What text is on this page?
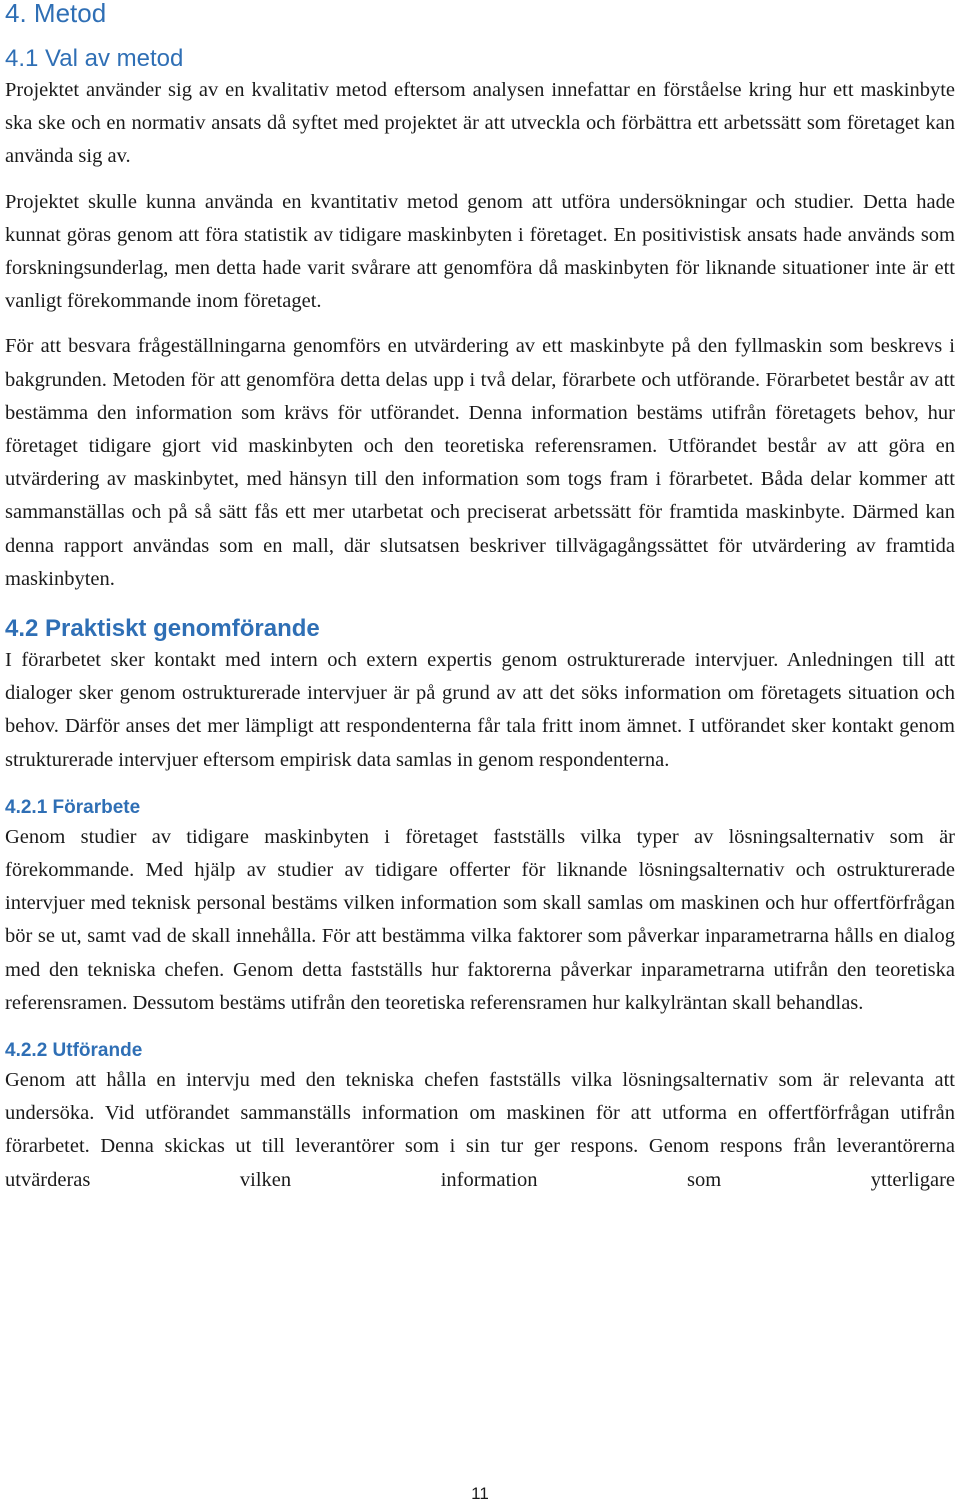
4. Metod
4.1 Val av metod

Projektet använder sig av en kvalitativ metod eftersom analysen innefattar en förståelse kring hur ett maskinbyte ska ske och en normativ ansats då syftet med projektet är att utveckla och förbättra ett arbetssätt som företaget kan använda sig av.

Projektet skulle kunna använda en kvantitativ metod genom att utföra undersökningar och studier. Detta hade kunnat göras genom att föra statistik av tidigare maskinbyten i företaget. En positivistisk ansats hade används som forskningsunderlag, men detta hade varit svårare att genomföra då maskinbyten för liknande situationer inte är ett vanligt förekommande inom företaget.

För att besvara frågeställningarna genomförs en utvärdering av ett maskinbyte på den fyllmaskin som beskrevs i bakgrunden. Metoden för att genomföra detta delas upp i två delar, förarbete och utförande. Förarbetet består av att bestämma den information som krävs för utförandet. Denna information bestäms utifrån företagets behov, hur företaget tidigare gjort vid maskinbyten och den teoretiska referensramen. Utförandet består av att göra en utvärdering av maskinbytet, med hänsyn till den information som togs fram i förarbetet. Båda delar kommer att sammanställas och på så sätt fås ett mer utarbetat och preciserat arbetssätt för framtida maskinbyte. Därmed kan denna rapport användas som en mall, där slutsatsen beskriver tillvägagångssättet för utvärdering av framtida maskinbyten.

4.2 Praktiskt genomförande

I förarbetet sker kontakt med intern och extern expertis genom ostrukturerade intervjuer. Anledningen till att dialoger sker genom ostrukturerade intervjuer är på grund av att det söks information om företagets situation och behov. Därför anses det mer lämpligt att respondenterna får tala fritt inom ämnet. I utförandet sker kontakt genom strukturerade intervjuer eftersom empirisk data samlas in genom respondenterna.

4.2.1 Förarbete

Genom studier av tidigare maskinbyten i företaget fastställs vilka typer av lösningsalternativ som är förekommande. Med hjälp av studier av tidigare offerter för liknande lösningsalternativ och ostrukturerade intervjuer med teknisk personal bestäms vilken information som skall samlas om maskinen och hur offertförfrågan bör se ut, samt vad de skall innehålla. För att bestämma vilka faktorer som påverkar inparametrarna hålls en dialog med den tekniska chefen. Genom detta fastställs hur faktorerna påverkar inparametrarna utifrån den teoretiska referensramen. Dessutom bestäms utifrån den teoretiska referensramen hur kalkylräntan skall behandlas.

4.2.2 Utförande

Genom att hålla en intervju med den tekniska chefen fastställs vilka lösningsalternativ som är relevanta att undersöka. Vid utförandet sammanställs information om maskinen för att utforma en offertförfrågan utifrån förarbetet. Denna skickas ut till leverantörer som i sin tur ger respons. Genom respons från leverantörerna utvärderas vilken information som ytterligare

11
